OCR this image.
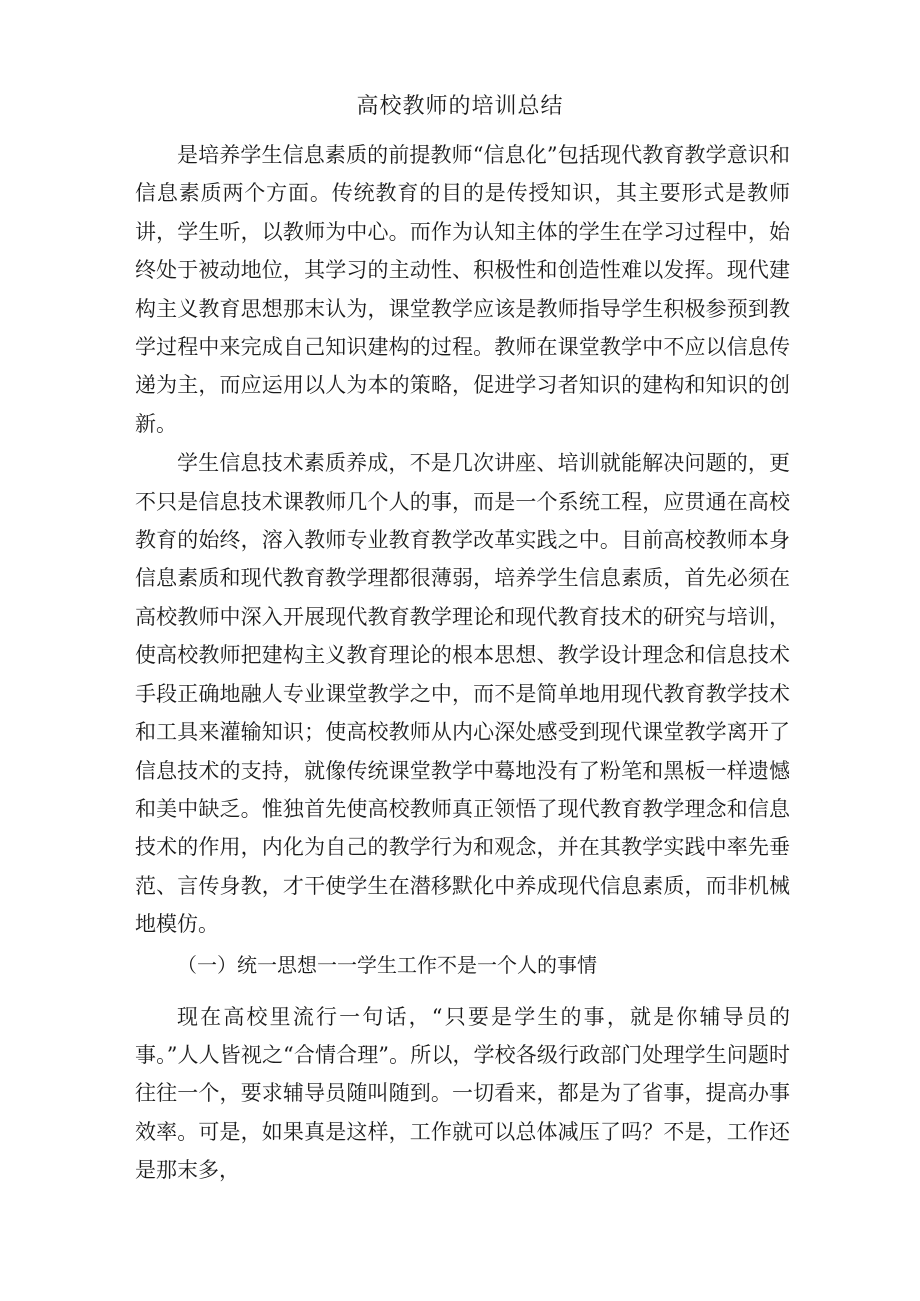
高校教师的培训总结

是培养学生信息素质的前提教师“信息化”包括现代教育教学意识和信息素质两个方面。传统教育的目的是传授知识，其主要形式是教师讲，学生听，以教师为中心。而作为认知主体的学生在学习过程中，始终处于被动地位，其学习的主动性、积极性和创造性难以发挥。现代建构主义教育思想那末认为，课堂教学应该是教师指导学生积极参预到教学过程中来完成自己知识建构的过程。教师在课堂教学中不应以信息传递为主，而应运用以人为本的策略，促进学习者知识的建构和知识的创新。

学生信息技术素质养成，不是几次讲座、培训就能解决问题的，更不只是信息技术课教师几个人的事，而是一个系统工程，应贯通在高校教育的始终，溶入教师专业教育教学改革实践之中。目前高校教师本身信息素质和现代教育教学理都很薄弱，培养学生信息素质，首先必须在高校教师中深入开展现代教育教学理论和现代教育技术的研究与培训，使高校教师把建构主义教育理论的根本思想、教学设计理念和信息技术手段正确地融人专业课堂教学之中，而不是简单地用现代教育教学技术和工具来灌输知识；使高校教师从内心深处感受到现代课堂教学离开了信息技术的支持，就像传统课堂教学中蓦地没有了粉笔和黑板一样遗憾和美中缺乏。惟独首先使高校教师真正领悟了现代教育教学理念和信息技术的作用，内化为自己的教学行为和观念，并在其教学实践中率先垂范、言传身教，才干使学生在潜移默化中养成现代信息素质，而非机械地模仿。

（一）统一思想一一学生工作不是一个人的事情

现在高校里流行一句话，“只要是学生的事，就是你辅导员的事。”人人皆视之“合情合理”。所以，学校各级行政部门处理学生问题时往往一个，要求辅导员随叫随到。一切看来，都是为了省事，提高办事效率。可是，如果真是这样，工作就可以总体减压了吗？不是，工作还是那末多，
